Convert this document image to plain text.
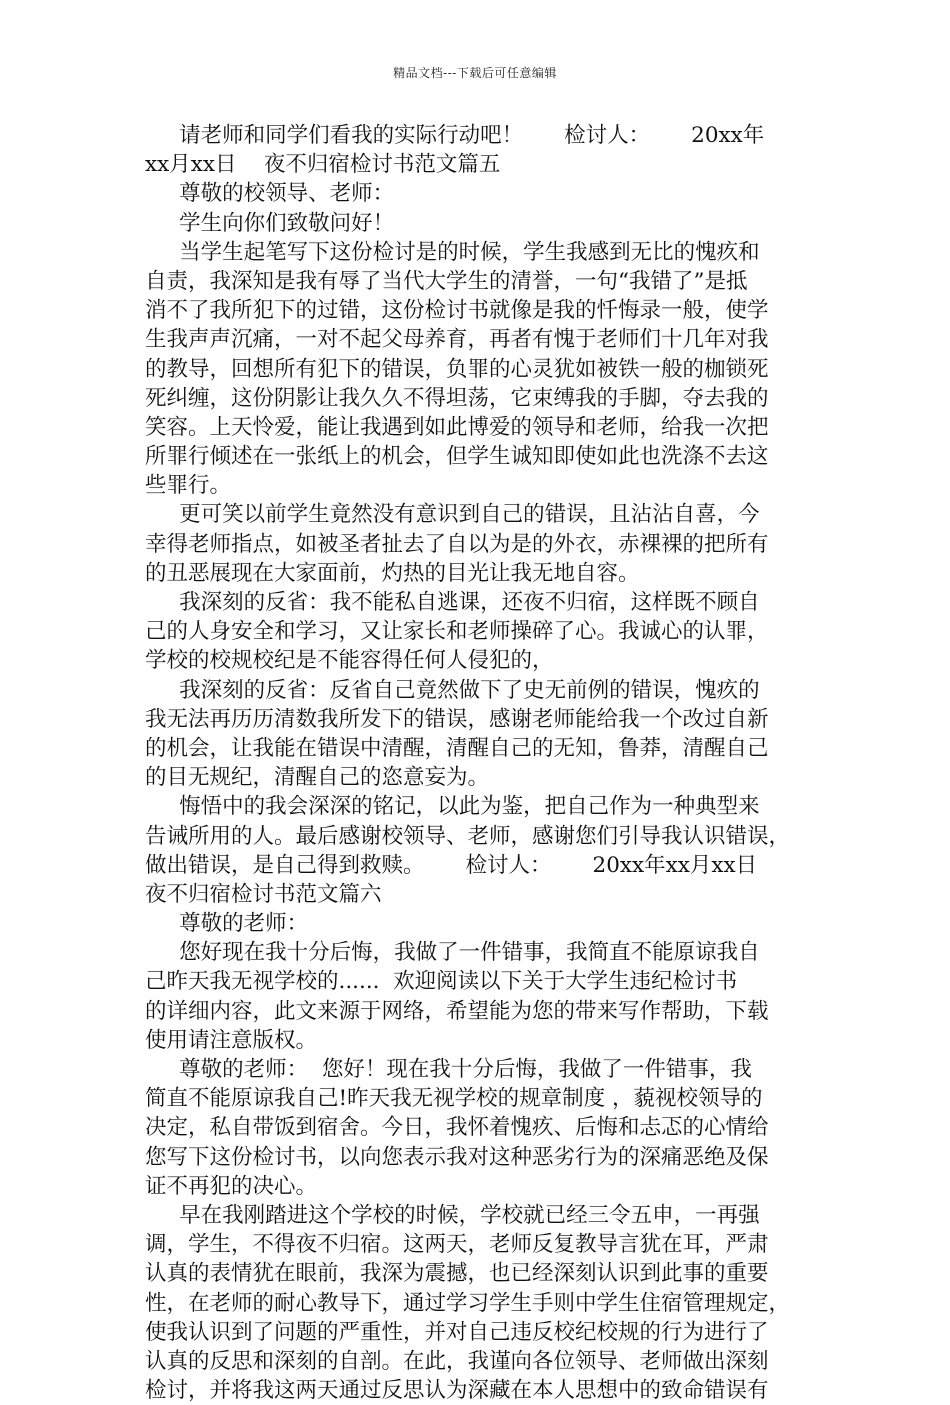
精品文档---下载后可任意编辑
请老师和同学们看我的实际行动吧！      检讨人：      20xx年
xx月xx日    夜不归宿检讨书范文篇五
尊敬的校领导、老师：
学生向你们致敬问好！
当学生起笔写下这份检讨是的时候，学生我感到无比的愧疚和
自责，我深知是我有辱了当代大学生的清誉，一句“我错了”是抵
消不了我所犯下的过错，这份检讨书就像是我的忏悔录一般，使学
生我声声沉痛，一对不起父母养育，再者有愧于老师们十几年对我
的教导，回想所有犯下的错误，负罪的心灵犹如被铁一般的枷锁死
死纠缠，这份阴影让我久久不得坦荡，它束缚我的手脚，夺去我的
笑容。上天怜爱，能让我遇到如此博爱的领导和老师，给我一次把
所罪行倾述在一张纸上的机会，但学生诚知即使如此也洗涤不去这
些罪行。
更可笑以前学生竟然没有意识到自己的错误，且沾沾自喜，今
幸得老师指点，如被圣者扯去了自以为是的外衣，赤裸裸的把所有
的丑恶展现在大家面前，灼热的目光让我无地自容。
我深刻的反省：我不能私自逃课，还夜不归宿，这样既不顾自
己的人身安全和学习，又让家长和老师操碎了心。我诚心的认罪，
学校的校规校纪是不能容得任何人侵犯的，
我深刻的反省：反省自己竟然做下了史无前例的错误，愧疚的
我无法再历历清数我所发下的错误，感谢老师能给我一个改过自新
的机会，让我能在错误中清醒，清醒自己的无知，鲁莽，清醒自己
的目无规纪，清醒自己的恣意妄为。
悔悟中的我会深深的铭记，以此为鉴，把自己作为一种典型来
告诫所用的人。最后感谢校领导、老师，感谢您们引导我认识错误，
做出错误，是自己得到救赎。      检讨人：      20xx年xx月xx日
夜不归宿检讨书范文篇六
尊敬的老师：
您好现在我十分后悔，我做了一件错事，我简直不能原谅我自
己昨天我无视学校的......  欢迎阅读以下关于大学生违纪检讨书
的详细内容，此文来源于网络，希望能为您的带来写作帮助，下载
使用请注意版权。
尊敬的老师：  您好！现在我十分后悔，我做了一件错事，我
简直不能原谅我自己!昨天我无视学校的规章制度 ，藐视校领导的
决定，私自带饭到宿舍。今日，我怀着愧疚、后悔和忐忑的心情给
您写下这份检讨书，以向您表示我对这种恶劣行为的深痛恶绝及保
证不再犯的决心。
早在我刚踏进这个学校的时候，学校就已经三令五申，一再强
调，学生，不得夜不归宿。这两天，老师反复教导言犹在耳，严肃
认真的表情犹在眼前，我深为震撼，也已经深刻认识到此事的重要
性，在老师的耐心教导下，通过学习学生手则中学生住宿管理规定，
使我认识到了问题的严重性，并对自己违反校纪校规的行为进行了
认真的反思和深刻的自剖。在此，我谨向各位领导、老师做出深刻
检讨，并将我这两天通过反思认为深藏在本人思想中的致命错误有
